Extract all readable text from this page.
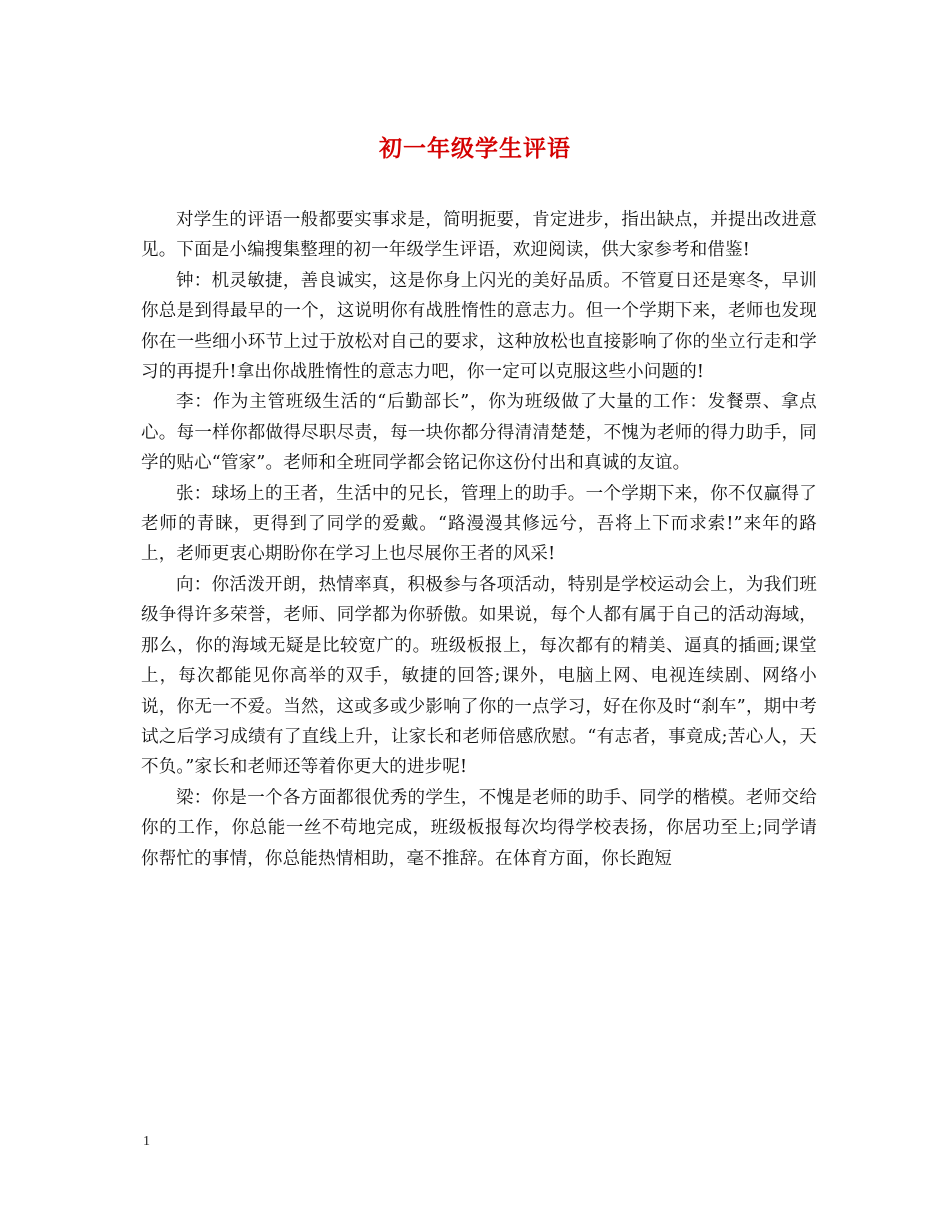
初一年级学生评语

对学生的评语一般都要实事求是，简明扼要，肯定进步，指出缺点，并提出改进意见。下面是小编搜集整理的初一年级学生评语，欢迎阅读，供大家参考和借鉴!

钟：机灵敏捷，善良诚实，这是你身上闪光的美好品质。不管夏日还是寒冬，早训你总是到得最早的一个，这说明你有战胜惰性的意志力。但一个学期下来，老师也发现你在一些细小环节上过于放松对自己的要求，这种放松也直接影响了你的坐立行走和学习的再提升!拿出你战胜惰性的意志力吧，你一定可以克服这些小问题的!

李：作为主管班级生活的“后勤部长”，你为班级做了大量的工作：发餐票、拿点心。每一样你都做得尽职尽责，每一块你都分得清清楚楚，不愧为老师的得力助手，同学的贴心“管家”。老师和全班同学都会铭记你这份付出和真诚的友谊。

张：球场上的王者，生活中的兄长，管理上的助手。一个学期下来，你不仅赢得了老师的青睐，更得到了同学的爱戴。“路漫漫其修远兮，吾将上下而求索!”来年的路上，老师更衷心期盼你在学习上也尽展你王者的风采!

向：你活泼开朗，热情率真，积极参与各项活动，特别是学校运动会上，为我们班级争得许多荣誉，老师、同学都为你骄傲。如果说，每个人都有属于自己的活动海域，那么，你的海域无疑是比较宽广的。班级板报上，每次都有的精美、逼真的插画;课堂上，每次都能见你高举的双手，敏捷的回答;课外，电脑上网、电视连续剧、网络小说，你无一不爱。当然，这或多或少影响了你的一点学习，好在你及时“刹车”，期中考试之后学习成绩有了直线上升，让家长和老师倍感欣慰。“有志者，事竟成;苦心人，天不负。”家长和老师还等着你更大的进步呢!

梁：你是一个各方面都很优秀的学生，不愧是老师的助手、同学的楷模。老师交给你的工作，你总能一丝不苟地完成，班级板报每次均得学校表扬，你居功至上;同学请你帮忙的事情，你总能热情相助，毫不推辞。在体育方面，你长跑短

1
